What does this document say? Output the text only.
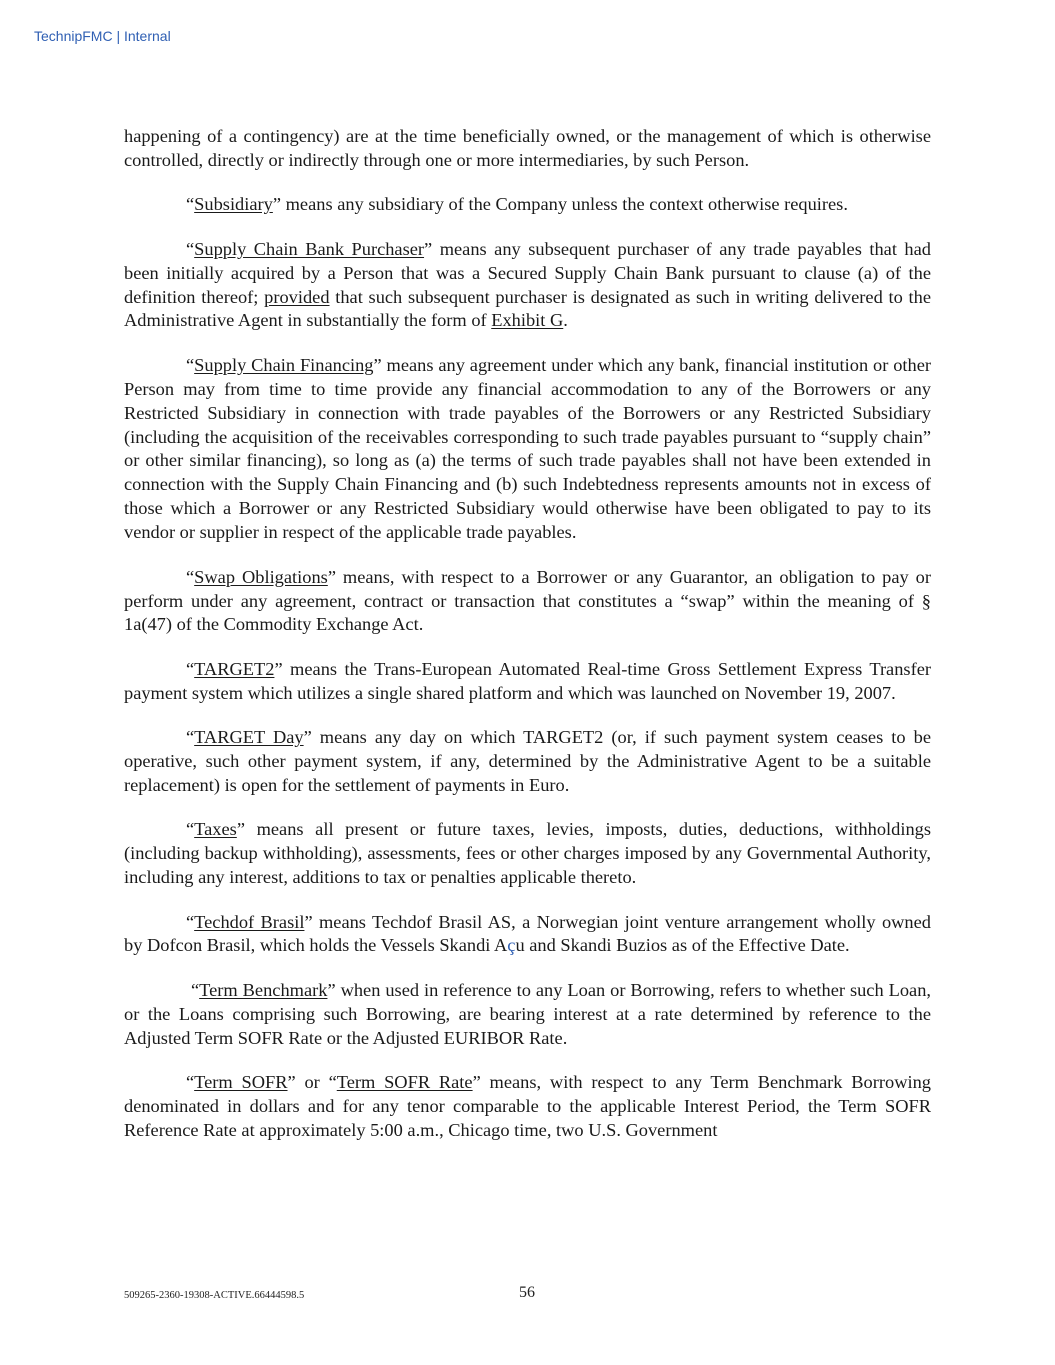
TechnipFMC | Internal

happening of a contingency) are at the time beneficially owned, or the management of which is otherwise controlled, directly or indirectly through one or more intermediaries, by such Person.

“Subsidiary” means any subsidiary of the Company unless the context otherwise requires.

“Supply Chain Bank Purchaser” means any subsequent purchaser of any trade payables that had been initially acquired by a Person that was a Secured Supply Chain Bank pursuant to clause (a) of the definition thereof; provided that such subsequent purchaser is designated as such in writing delivered to the Administrative Agent in substantially the form of Exhibit G.

“Supply Chain Financing” means any agreement under which any bank, financial institution or other Person may from time to time provide any financial accommodation to any of the Borrowers or any Restricted Subsidiary in connection with trade payables of the Borrowers or any Restricted Subsidiary (including the acquisition of the receivables corresponding to such trade payables pursuant to “supply chain” or other similar financing), so long as (a) the terms of such trade payables shall not have been extended in connection with the Supply Chain Financing and (b) such Indebtedness represents amounts not in excess of those which a Borrower or any Restricted Subsidiary would otherwise have been obligated to pay to its vendor or supplier in respect of the applicable trade payables.

“Swap Obligations” means, with respect to a Borrower or any Guarantor, an obligation to pay or perform under any agreement, contract or transaction that constitutes a “swap” within the meaning of § 1a(47) of the Commodity Exchange Act.

“TARGET2” means the Trans-European Automated Real-time Gross Settlement Express Transfer payment system which utilizes a single shared platform and which was launched on November 19, 2007.

“TARGET Day” means any day on which TARGET2 (or, if such payment system ceases to be operative, such other payment system, if any, determined by the Administrative Agent to be a suitable replacement) is open for the settlement of payments in Euro.

“Taxes” means all present or future taxes, levies, imposts, duties, deductions, withholdings (including backup withholding), assessments, fees or other charges imposed by any Governmental Authority, including any interest, additions to tax or penalties applicable thereto.

“Techdof Brasil” means Techdof Brasil AS, a Norwegian joint venture arrangement wholly owned by Dofcon Brasil, which holds the Vessels Skandi Açu and Skandi Buzios as of the Effective Date.

“Term Benchmark” when used in reference to any Loan or Borrowing, refers to whether such Loan, or the Loans comprising such Borrowing, are bearing interest at a rate determined by reference to the Adjusted Term SOFR Rate or the Adjusted EURIBOR Rate.

“Term SOFR” or “Term SOFR Rate” means, with respect to any Term Benchmark Borrowing denominated in dollars and for any tenor comparable to the applicable Interest Period, the Term SOFR Reference Rate at approximately 5:00 a.m., Chicago time, two U.S. Government

509265-2360-19308-ACTIVE.66444598.5	56
